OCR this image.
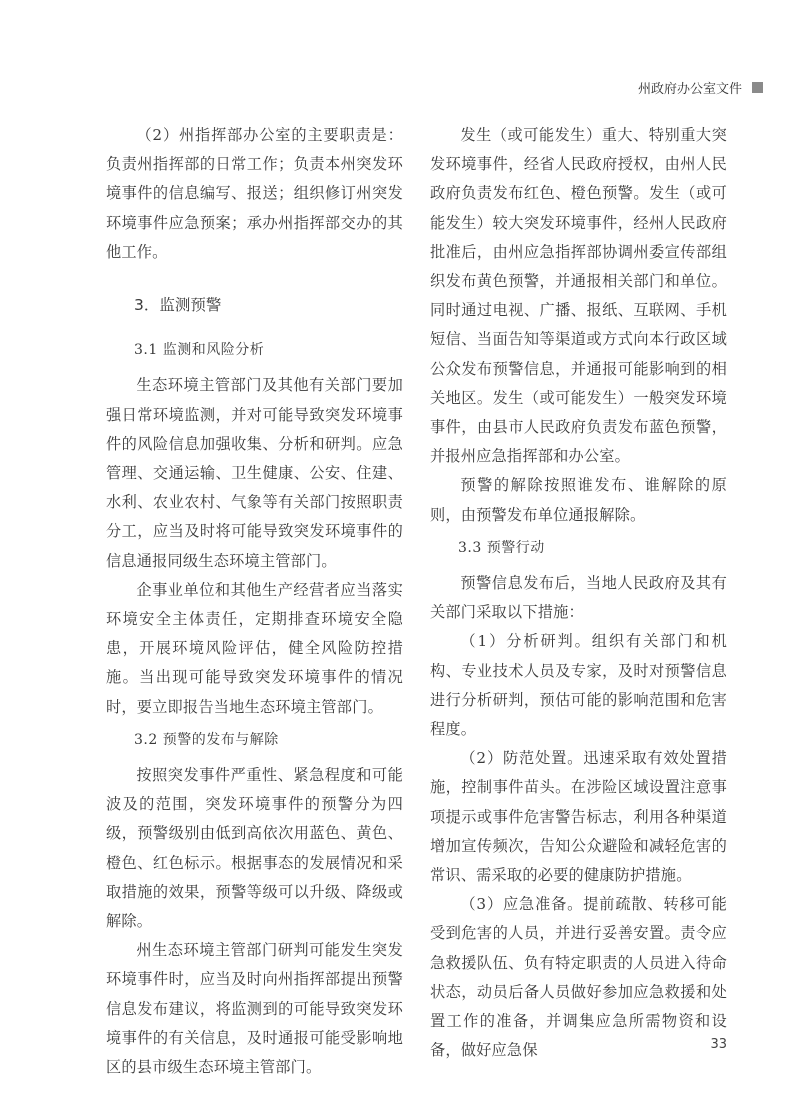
州政府办公室文件

（2）州指挥部办公室的主要职责是：负责州指挥部的日常工作；负责本州突发环境事件的信息编写、报送；组织修订州突发环境事件应急预案；承办州指挥部交办的其他工作。

3．监测预警
3.1 监测和风险分析

生态环境主管部门及其他有关部门要加强日常环境监测，并对可能导致突发环境事件的风险信息加强收集、分析和研判。应急管理、交通运输、卫生健康、公安、住建、水利、农业农村、气象等有关部门按照职责分工，应当及时将可能导致突发环境事件的信息通报同级生态环境主管部门。

企事业单位和其他生产经营者应当落实环境安全主体责任，定期排查环境安全隐患，开展环境风险评估，健全风险防控措施。当出现可能导致突发环境事件的情况时，要立即报告当地生态环境主管部门。

3.2 预警的发布与解除

按照突发事件严重性、紧急程度和可能波及的范围，突发环境事件的预警分为四级，预警级别由低到高依次用蓝色、黄色、橙色、红色标示。根据事态的发展情况和采取措施的效果，预警等级可以升级、降级或解除。

州生态环境主管部门研判可能发生突发环境事件时，应当及时向州指挥部提出预警信息发布建议，将监测到的可能导致突发环境事件的有关信息，及时通报可能受影响地区的县市级生态环境主管部门。

发生（或可能发生）重大、特别重大突发环境事件，经省人民政府授权，由州人民政府负责发布红色、橙色预警。发生（或可能发生）较大突发环境事件，经州人民政府批准后，由州应急指挥部协调州委宣传部组织发布黄色预警，并通报相关部门和单位。同时通过电视、广播、报纸、互联网、手机短信、当面告知等渠道或方式向本行政区域公众发布预警信息，并通报可能影响到的相关地区。发生（或可能发生）一般突发环境事件，由县市人民政府负责发布蓝色预警，并报州应急指挥部和办公室。

预警的解除按照谁发布、谁解除的原则，由预警发布单位通报解除。

3.3 预警行动

预警信息发布后，当地人民政府及其有关部门采取以下措施：

（1）分析研判。组织有关部门和机构、专业技术人员及专家，及时对预警信息进行分析研判，预估可能的影响范围和危害程度。

（2）防范处置。迅速采取有效处置措施，控制事件苗头。在涉险区域设置注意事项提示或事件危害警告标志，利用各种渠道增加宣传频次，告知公众避险和减轻危害的常识、需采取的必要的健康防护措施。

（3）应急准备。提前疏散、转移可能受到危害的人员，并进行妥善安置。责令应急救援队伍、负有特定职责的人员进入待命状态，动员后备人员做好参加应急救援和处置工作的准备，并调集应急所需物资和设备，做好应急保	33
